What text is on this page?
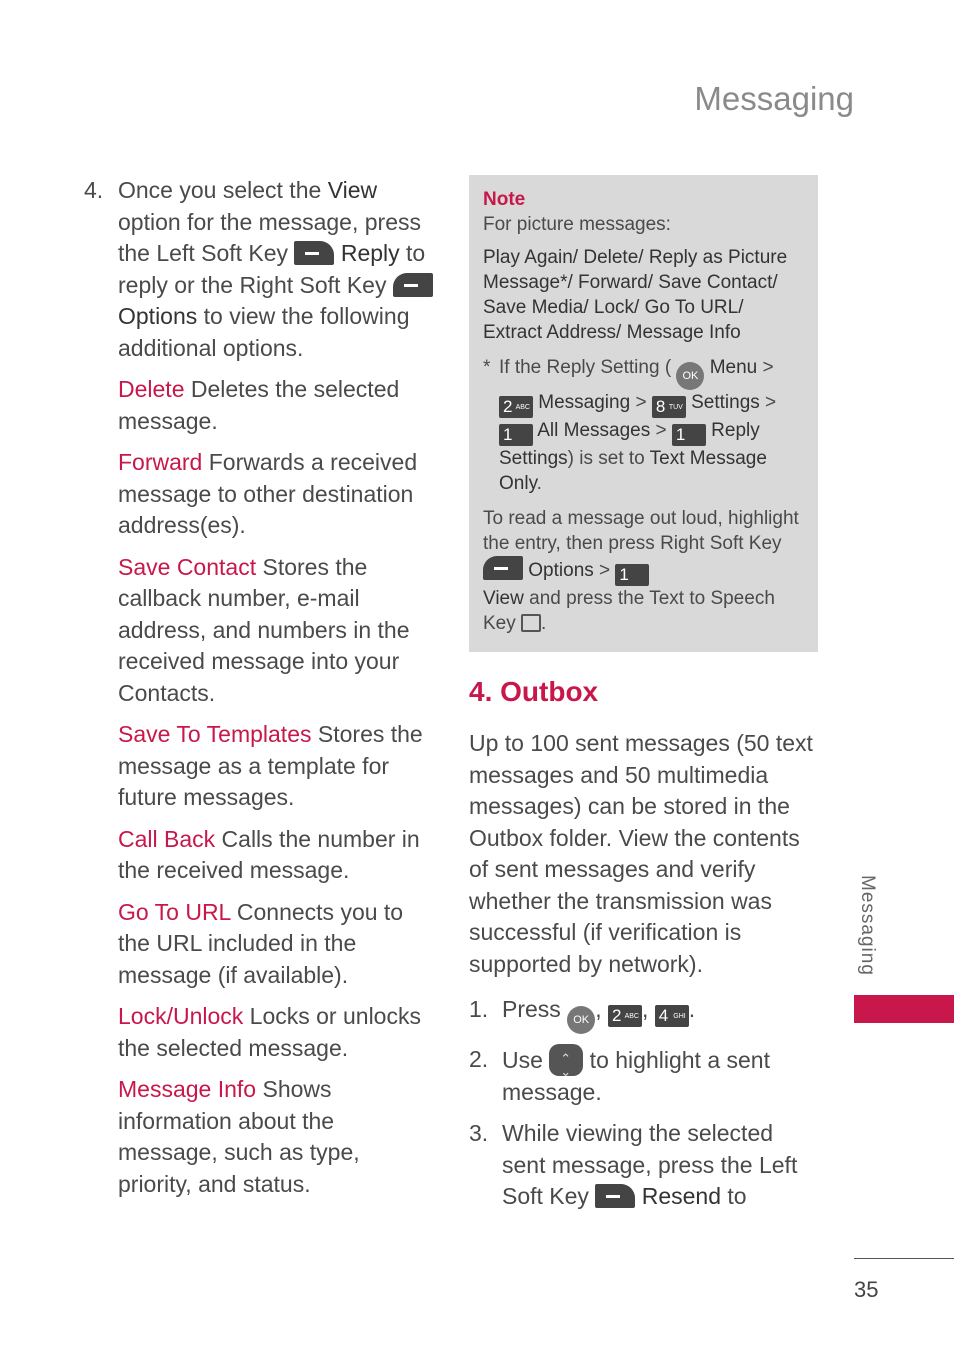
Messaging
4. Once you select the View option for the message, press the Left Soft Key  Reply to reply or the Right Soft Key  Options to view the following additional options.
Delete Deletes the selected message.
Forward Forwards a received message to other destination address(es).
Save Contact Stores the callback number, e-mail address, and numbers in the received message into your Contacts.
Save To Templates Stores the message as a template for future messages.
Call Back Calls the number in the received message.
Go To URL Connects you to the URL included in the message (if available).
Lock/Unlock Locks or unlocks the selected message.
Message Info Shows information about the message, such as type, priority, and status.
Note

For picture messages:

Play Again/ Delete/ Reply as Picture Message*/ Forward/ Save Contact/ Save Media/ Lock/ Go To URL/ Extract Address/ Message Info

* If the Reply Setting ( OK Menu > 2 ABC Messaging > 8 TUV Settings > 1 All Messages > 1 Reply Settings) is set to Text Message Only.

To read a message out loud, highlight the entry, then press Right Soft Key  Options > 1
View and press the Text to Speech Key .

4. Outbox
Up to 100 sent messages (50 text messages and 50 multimedia messages) can be stored in the Outbox folder. View the contents of sent messages and verify whether the transmission was successful (if verification is supported by network).
1. Press OK , 2 ABC , 4 GHI .
2. Use ⌃ ⌄ to highlight a sent message.
3. While viewing the selected sent message, press the Left Soft Key  Resend to
Messaging
35
